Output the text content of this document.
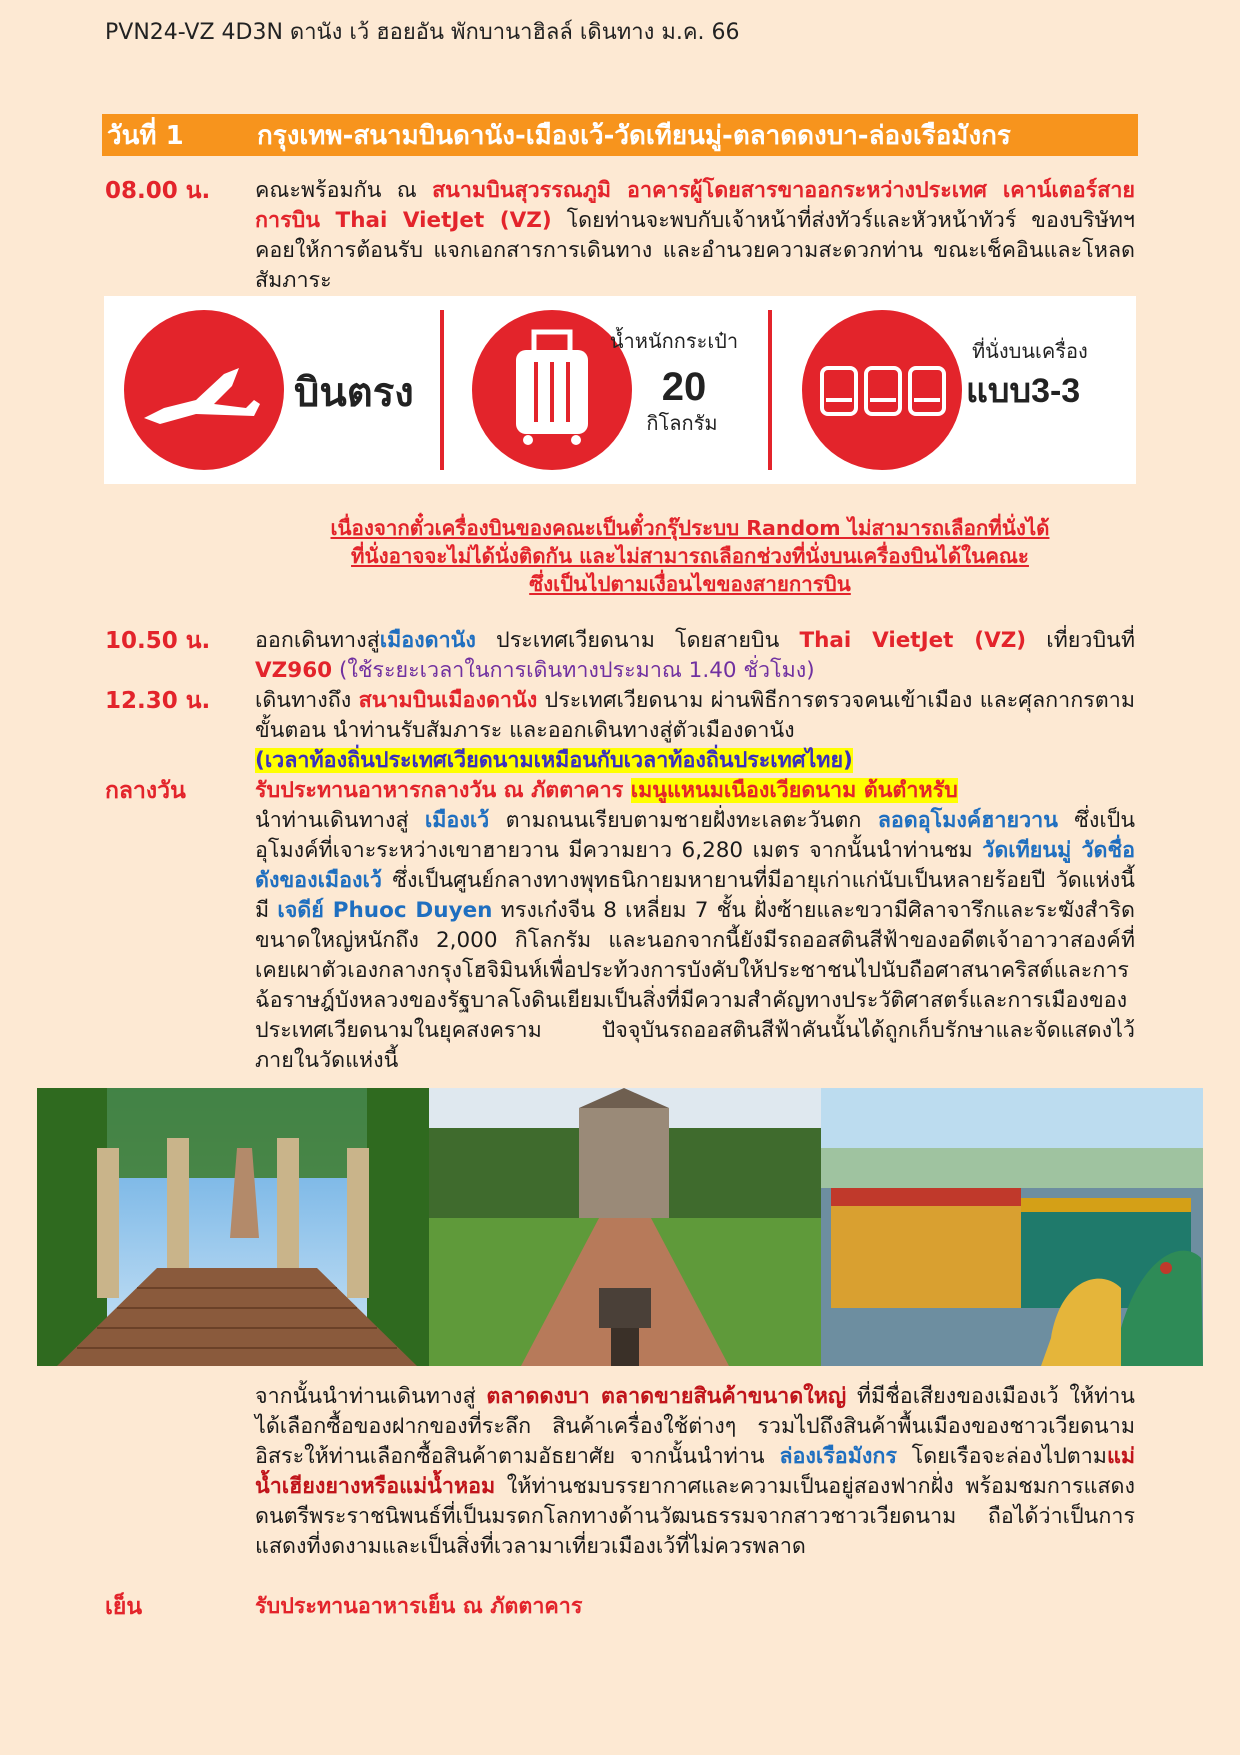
PVN24-VZ 4D3N ดานัง เว้ ฮอยอัน พักบานาฮิลล์ เดินทาง ม.ค. 66
วันที่ 1	กรุงเทพ-สนามบินดานัง-เมืองเว้-วัดเทียนมู่-ตลาดดงบา-ล่องเรือมังกร
08.00 น.	คณะพร้อมกัน ณ สนามบินสุวรรณภูมิ อาคารผู้โดยสารขาออกระหว่างประเทศ เคาน์เตอร์สายการบิน Thai VietJet (VZ) โดยท่านจะพบกับเจ้าหน้าที่ส่งทัวร์และหัวหน้าทัวร์ ของบริษัทฯ คอยให้การต้อนรับ แจกเอกสารการเดินทาง และอำนวยความสะดวกท่าน ขณะเช็คอินและโหลดสัมภาระ
บินตรง
น้ำหนักกระเป๋า
20
กิโลกรัม
ที่นั่งบนเครื่อง
แบบ3-3
เนื่องจากตั๋วเครื่องบินของคณะเป็นตั๋วกรุ๊ประบบ Random ไม่สามารถเลือกที่นั่งได้
ที่นั่งอาจจะไม่ได้นั่งติดกัน และไม่สามารถเลือกช่วงที่นั่งบนเครื่องบินได้ในคณะ
ซึ่งเป็นไปตามเงื่อนไขของสายการบิน
10.50 น.	ออกเดินทางสู่เมืองดานัง ประเทศเวียดนาม โดยสายบิน Thai VietJet (VZ) เที่ยวบินที่ VZ960 (ใช้ระยะเวลาในการเดินทางประมาณ 1.40 ชั่วโมง)
12.30 น.	เดินทางถึง สนามบินเมืองดานัง ประเทศเวียดนาม ผ่านพิธีการตรวจคนเข้าเมือง และศุลกากรตามขั้นตอน นำท่านรับสัมภาระ และออกเดินทางสู่ตัวเมืองดานัง
(เวลาท้องถิ่นประเทศเวียดนามเหมือนกับเวลาท้องถิ่นประเทศไทย)
กลางวัน	รับประทานอาหารกลางวัน ณ ภัตตาคาร เมนูแหนมเนืองเวียดนาม ต้นตำหรับ
นำท่านเดินทางสู่ เมืองเว้ ตามถนนเรียบตามชายฝั่งทะเลตะวันตก ลอดอุโมงค์ฮายวาน ซึ่งเป็นอุโมงค์ที่เจาะระหว่างเขาฮายวาน มีความยาว 6,280 เมตร จากนั้นนำท่านชม วัดเทียนมู่ วัดชื่อดังของเมืองเว้ ซึ่งเป็นศูนย์กลางทางพุทธนิกายมหายานที่มีอายุเก่าแก่นับเป็นหลายร้อยปี วัดแห่งนี้มี เจดีย์ Phuoc Duyen ทรงเก๋งจีน 8 เหลี่ยม 7 ชั้น ฝั่งซ้ายและขวามีศิลาจารึกและระฆังสำริดขนาดใหญ่หนักถึง 2,000 กิโลกรัม และนอกจากนี้ยังมีรถออสตินสีฟ้าของอดีตเจ้าอาวาสองค์ที่เคยเผาตัวเองกลางกรุงโฮจิมินห์เพื่อประท้วงการบังคับให้ประชาชนไปนับถือศาสนาคริสต์และการฉ้อราษฎ์บังหลวงของรัฐบาลโงดินเยียมเป็นสิ่งที่มีความสำคัญทางประวัติศาสตร์และการเมืองของประเทศเวียดนามในยุคสงคราม ปัจจุบันรถออสตินสีฟ้าคันนั้นได้ถูกเก็บรักษาและจัดแสดงไว้ภายในวัดแห่งนี้
จากนั้นนำท่านเดินทางสู่ ตลาดดงบา ตลาดขายสินค้าขนาดใหญ่ ที่มีชื่อเสียงของเมืองเว้ ให้ท่านได้เลือกซื้อของฝากของที่ระลึก สินค้าเครื่องใช้ต่างๆ รวมไปถึงสินค้าพื้นเมืองของชาวเวียดนาม อิสระให้ท่านเลือกซื้อสินค้าตามอัธยาศัย จากนั้นนำท่าน ล่องเรือมังกร โดยเรือจะล่องไปตามแม่น้ำเฮียงยางหรือแม่น้ำหอม ให้ท่านชมบรรยากาศและความเป็นอยู่สองฟากฝั่ง พร้อมชมการแสดงดนตรีพระราชนิพนธ์ที่เป็นมรดกโลกทางด้านวัฒนธรรมจากสาวชาวเวียดนาม ถือได้ว่าเป็นการแสดงที่งดงามและเป็นสิ่งที่เวลามาเที่ยวเมืองเว้ที่ไม่ควรพลาด
เย็น	รับประทานอาหารเย็น ณ ภัตตาคาร
